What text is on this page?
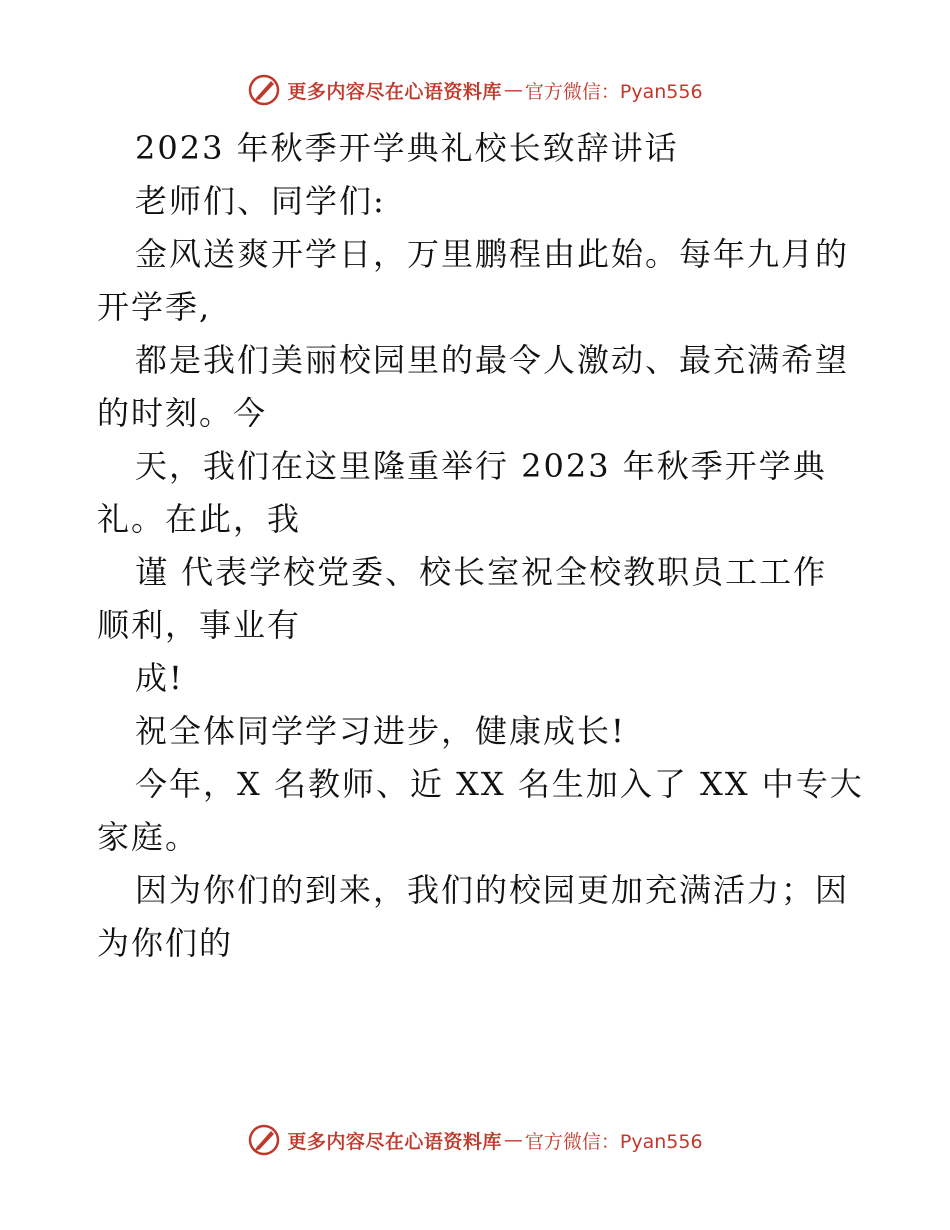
更多内容尽在心语资料库 — 官方微信：Pyan556
2023 年秋季开学典礼校长致辞讲话
老师们、同学们:
金风送爽开学日，万里鹏程由此始。每年九月的
开学季,
都是我们美丽校园里的最令人激动、最充满希望
的时刻。今
天，我们在这里隆重举行 2023 年秋季开学典
礼。在此，我
谨 代表学校党委、校长室祝全校教职员工工作
顺利，事业有
成!
祝全体同学学习进步，健康成长!
今年，X 名教师、近 XX 名生加入了 XX 中专大
家庭。
因为你们的到来，我们的校园更加充满活力；因
为你们的
更多内容尽在心语资料库 — 官方微信：Pyan556
